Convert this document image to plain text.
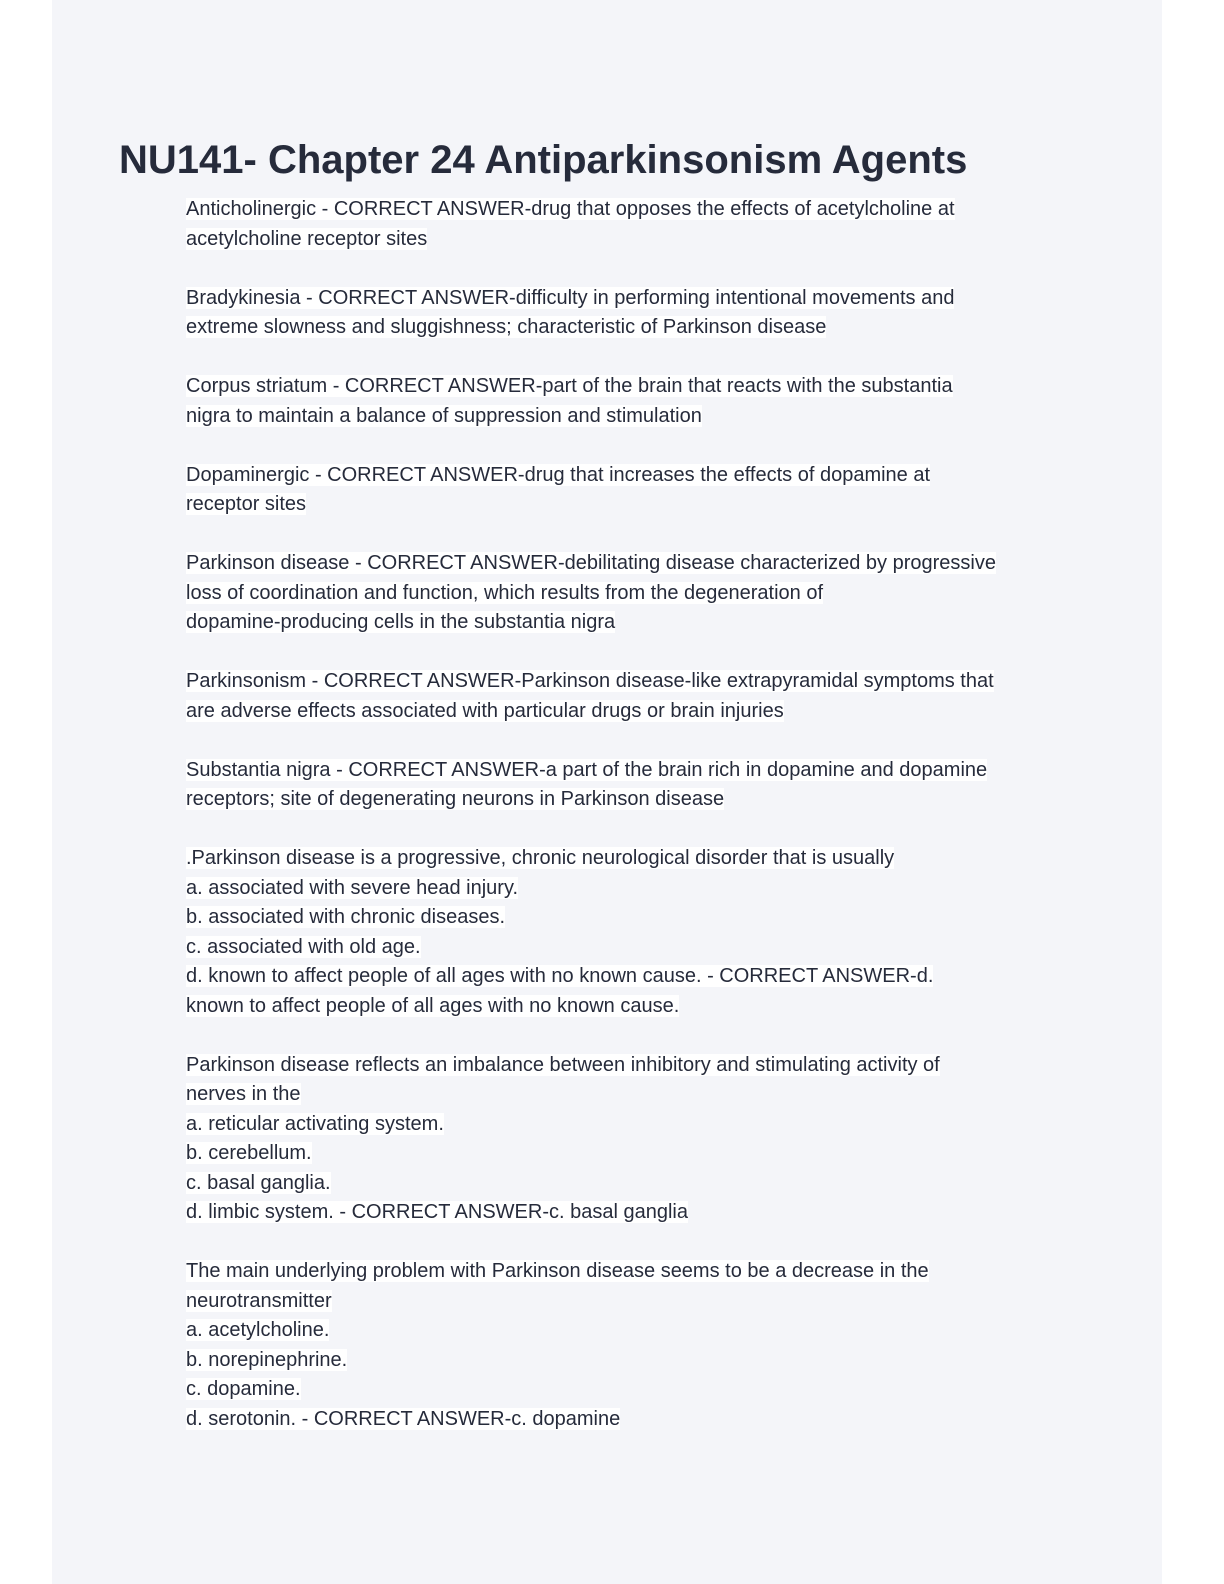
NU141- Chapter 24 Antiparkinsonism Agents
Anticholinergic - CORRECT ANSWER-drug that opposes the effects of acetylcholine at
acetylcholine receptor sites
Bradykinesia - CORRECT ANSWER-difficulty in performing intentional movements and
extreme slowness and sluggishness; characteristic of Parkinson disease
Corpus striatum - CORRECT ANSWER-part of the brain that reacts with the substantia
nigra to maintain a balance of suppression and stimulation
Dopaminergic - CORRECT ANSWER-drug that increases the effects of dopamine at
receptor sites
Parkinson disease - CORRECT ANSWER-debilitating disease characterized by progressive
loss of coordination and function, which results from the degeneration of
dopamine-producing cells in the substantia nigra
Parkinsonism - CORRECT ANSWER-Parkinson disease-like extrapyramidal symptoms that
are adverse effects associated with particular drugs or brain injuries
Substantia nigra - CORRECT ANSWER-a part of the brain rich in dopamine and dopamine
receptors; site of degenerating neurons in Parkinson disease
.Parkinson disease is a progressive, chronic neurological disorder that is usually
a. associated with severe head injury.
b. associated with chronic diseases.
c. associated with old age.
d. known to affect people of all ages with no known cause. - CORRECT ANSWER-d.
known to affect people of all ages with no known cause.
Parkinson disease reflects an imbalance between inhibitory and stimulating activity of
nerves in the
a. reticular activating system.
b. cerebellum.
c. basal ganglia.
d. limbic system. - CORRECT ANSWER-c. basal ganglia
The main underlying problem with Parkinson disease seems to be a decrease in the
neurotransmitter
a. acetylcholine.
b. norepinephrine.
c. dopamine.
d. serotonin. - CORRECT ANSWER-c. dopamine
